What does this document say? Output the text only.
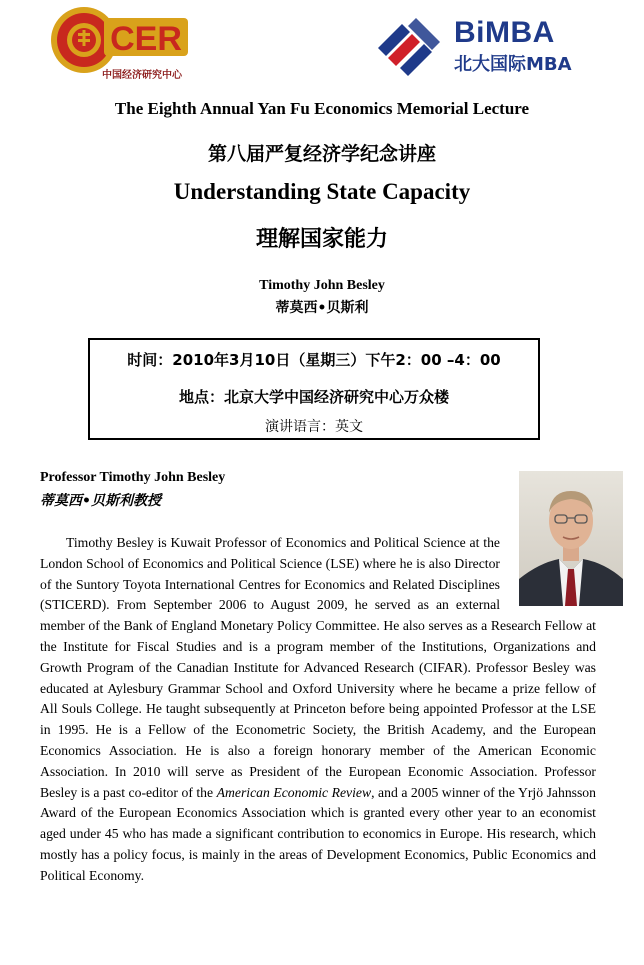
CER
中国经济研究中心
BiMBA
北大国际MBA
The Eighth Annual Yan Fu Economics Memorial Lecture
第八届严复经济学纪念讲座
Understanding State Capacity
理解国家能力
Timothy John Besley
蒂莫西•贝斯利
时间：2010年3月10日（星期三）下午2：00 –4：00
地点：北京大学中国经济研究中心万众楼
演讲语言：英文
Professor Timothy John Besley
蒂莫西•贝斯利教授

Timothy Besley is Kuwait Professor of Economics and Political Science at the London School of Economics and Political Science (LSE) where he is also Director of the Suntory Toyota International Centres for Economics and Related Disciplines (STICERD). From September 2006 to August 2009, he served as an external member of the Bank of England Monetary Policy Committee. He also serves as a Research Fellow at the Institute for Fiscal Studies and is a program member of the Institutions, Organizations and Growth Program of the Canadian Institute for Advanced Research (CIFAR). Professor Besley was educated at Aylesbury Grammar School and Oxford University where he became a prize fellow of All Souls College. He taught subsequently at Princeton before being appointed Professor at the LSE in 1995. He is a Fellow of the Econometric Society, the British Academy, and the European Economics Association. He is also a foreign honorary member of the American Economic Association. In 2010 will serve as President of the European Economic Association. Professor Besley is a past co-editor of the American Economic Review, and a 2005 winner of the Yrjö Jahnsson Award of the European Economics Association which is granted every other year to an economist aged under 45 who has made a significant contribution to economics in Europe. His research, which mostly has a policy focus, is mainly in the areas of Development Economics, Public Economics and Political Economy.
